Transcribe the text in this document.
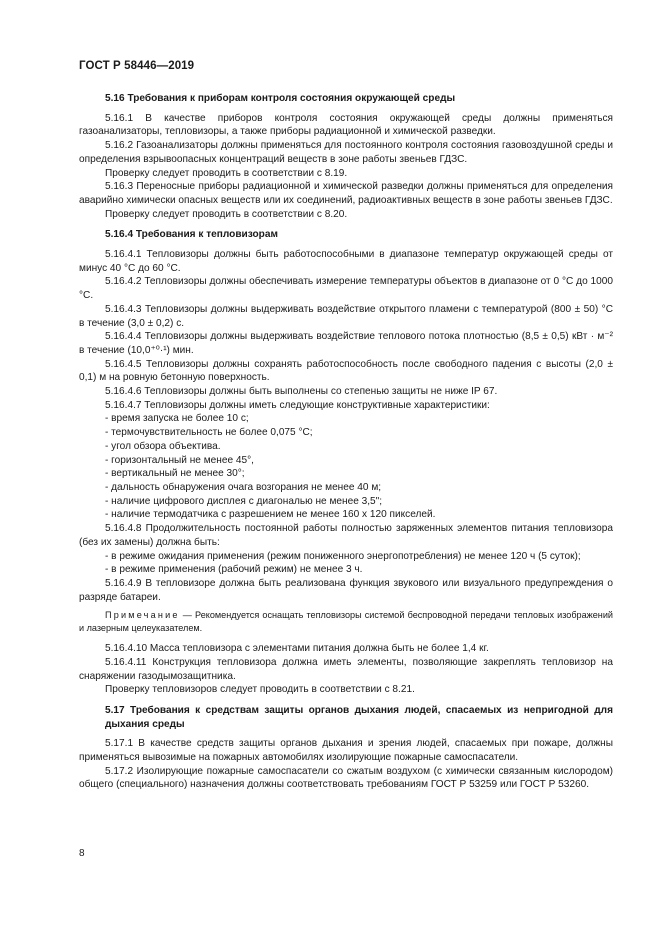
ГОСТ Р 58446—2019

5.16 Требования к приборам контроля состояния окружающей среды

5.16.1 В качестве приборов контроля состояния окружающей среды должны применяться газоанализаторы, тепловизоры, а также приборы радиационной и химической разведки.

5.16.2 Газоанализаторы должны применяться для постоянного контроля состояния газовоздушной среды и определения взрывоопасных концентраций веществ в зоне работы звеньев ГДЗС.

Проверку следует проводить в соответствии с 8.19.

5.16.3 Переносные приборы радиационной и химической разведки должны применяться для определения аварийно химически опасных веществ или их соединений, радиоактивных веществ в зоне работы звеньев ГДЗС.

Проверку следует проводить в соответствии с 8.20.

5.16.4 Требования к тепловизорам

5.16.4.1 Тепловизоры должны быть работоспособными в диапазоне температур окружающей среды от минус 40 °С до 60 °С.

5.16.4.2 Тепловизоры должны обеспечивать измерение температуры объектов в диапазоне от 0 °С до 1000 °С.

5.16.4.3 Тепловизоры должны выдерживать воздействие открытого пламени с температурой (800 ± 50) °С в течение (3,0 ± 0,2) с.

5.16.4.4 Тепловизоры должны выдерживать воздействие теплового потока плотностью (8,5 ± 0,5) кВт · м⁻² в течение (10,0⁺⁰·¹) мин.

5.16.4.5 Тепловизоры должны сохранять работоспособность после свободного падения с высоты (2,0 ± 0,1) м на ровную бетонную поверхность.

5.16.4.6 Тепловизоры должны быть выполнены со степенью защиты не ниже IP 67.

5.16.4.7 Тепловизоры должны иметь следующие конструктивные характеристики:

- время запуска не более 10 с;

- термочувствительность не более 0,075 °С;

- угол обзора объектива.

- горизонтальный не менее 45°,

- вертикальный не менее 30°;

- дальность обнаружения очага возгорания не менее 40 м;

- наличие цифрового дисплея с диагональю не менее 3,5";

- наличие термодатчика с разрешением не менее 160 х 120 пикселей.

5.16.4.8 Продолжительность постоянной работы полностью заряженных элементов питания тепловизора (без их замены) должна быть:

- в режиме ожидания применения (режим пониженного энергопотребления) не менее 120 ч (5 суток);

- в режиме применения (рабочий режим) не менее 3 ч.

5.16.4.9 В тепловизоре должна быть реализована функция звукового или визуального предупреждения о разряде батареи.

Примечание — Рекомендуется оснащать тепловизоры системой беспроводной передачи тепловых изображений и лазерным целеуказателем.

5.16.4.10 Масса тепловизора с элементами питания должна быть не более 1,4 кг.

5.16.4.11 Конструкция тепловизора должна иметь элементы, позволяющие закреплять тепловизор на снаряжении газодымозащитника.

Проверку тепловизоров следует проводить в соответствии с 8.21.

5.17 Требования к средствам защиты органов дыхания людей, спасаемых из непригодной для дыхания среды

5.17.1 В качестве средств защиты органов дыхания и зрения людей, спасаемых при пожаре, должны применяться вывозимые на пожарных автомобилях изолирующие пожарные самоспасатели.

5.17.2 Изолирующие пожарные самоспасатели со сжатым воздухом (с химически связанным кислородом) общего (специального) назначения должны соответствовать требованиям ГОСТ Р 53259 или ГОСТ Р 53260.

8
